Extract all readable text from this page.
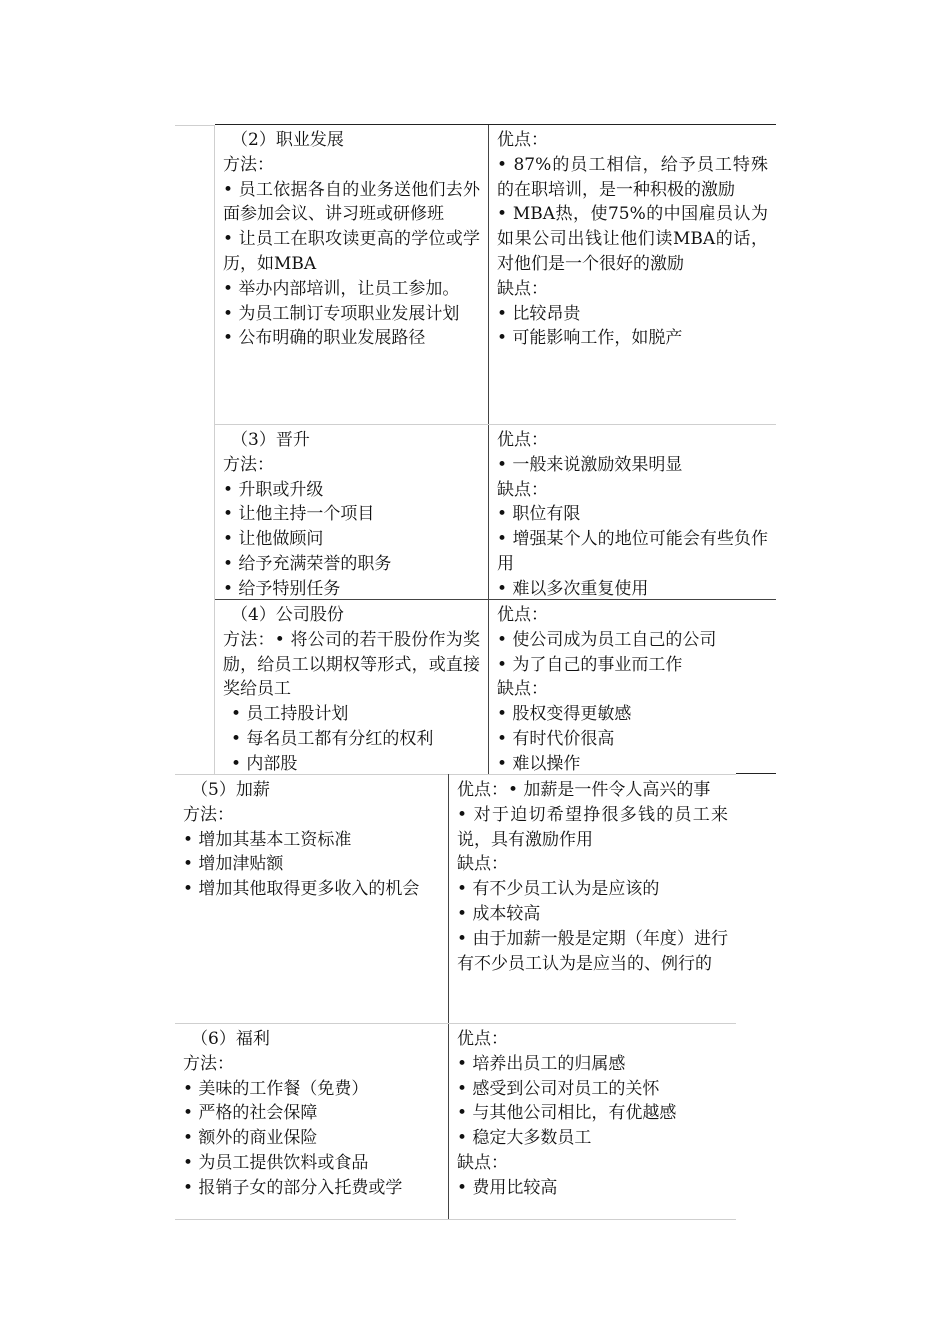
（2）职业发展

方法：

• 员工依据各自的业务送他们去外面参加会议、讲习班或研修班

• 让员工在职攻读更高的学位或学历，如MBA

• 举办内部培训，让员工参加。

• 为员工制订专项职业发展计划

• 公布明确的职业发展路径

优点：

• 87%的员工相信，给予员工特殊的在职培训，是一种积极的激励

• MBA热，使75%的中国雇员认为如果公司出钱让他们读MBA的话，对他们是一个很好的激励

缺点：

• 比较昂贵

• 可能影响工作，如脱产

（3）晋升

方法：

• 升职或升级

• 让他主持一个项目

• 让他做顾问

• 给予充满荣誉的职务

• 给予特别任务

优点：

• 一般来说激励效果明显

缺点：

• 职位有限

• 增强某个人的地位可能会有些负作用

• 难以多次重复使用

（4）公司股份

方法：• 将公司的若干股份作为奖励，给员工以期权等形式，或直接奖给员工

• 员工持股计划

• 每名员工都有分红的权利

• 内部股

优点：

• 使公司成为员工自己的公司

• 为了自己的事业而工作

缺点：

• 股权变得更敏感

• 有时代价很高

• 难以操作

（5）加薪

方法：

• 增加其基本工资标准

• 增加津贴额

• 增加其他取得更多收入的机会

优点：• 加薪是一件令人高兴的事

• 对于迫切希望挣很多钱的员工来说，具有激励作用

缺点：

• 有不少员工认为是应该的

• 成本较高

• 由于加薪一般是定期（年度）进行有不少员工认为是应当的、例行的

（6）福利

方法：

• 美味的工作餐（免费）

• 严格的社会保障

• 额外的商业保险

• 为员工提供饮料或食品

• 报销子女的部分入托费或学

优点：

• 培养出员工的归属感

• 感受到公司对员工的关怀

• 与其他公司相比，有优越感

• 稳定大多数员工

缺点：

• 费用比较高
